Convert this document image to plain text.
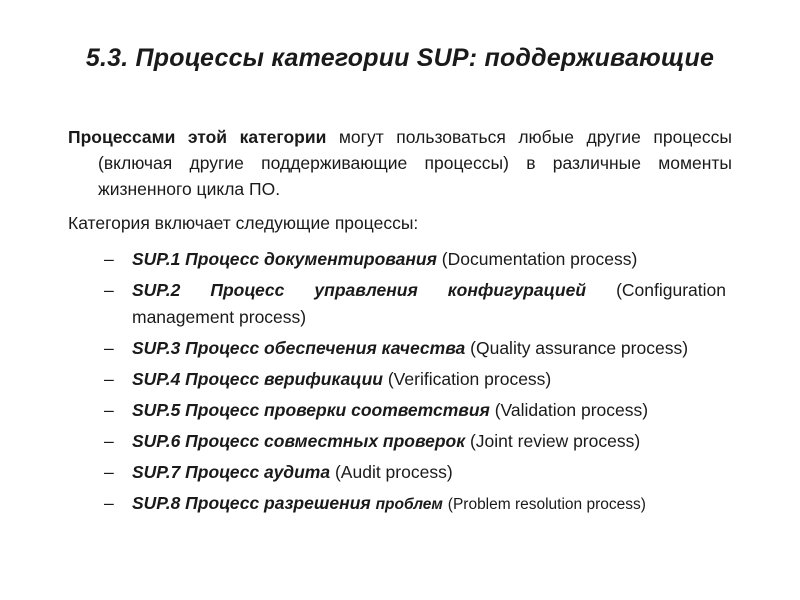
5.3. Процессы категории SUP: поддерживающие
Процессами этой категории могут пользоваться любые другие процессы (включая другие поддерживающие процессы) в различные моменты жизненного цикла ПО.
Категория включает следующие процессы:
– SUP.1 Процесс документирования (Documentation process)
– SUP.2 Процесс управления конфигурацией (Configuration management process)
– SUP.3 Процесс обеспечения качества (Quality assurance process)
– SUP.4 Процесс верификации (Verification process)
– SUP.5 Процесс проверки соответствия (Validation process)
– SUP.6 Процесс совместных проверок (Joint review process)
– SUP.7 Процесс аудита (Audit process)
– SUP.8 Процесс разрешения проблем (Problem resolution process)
